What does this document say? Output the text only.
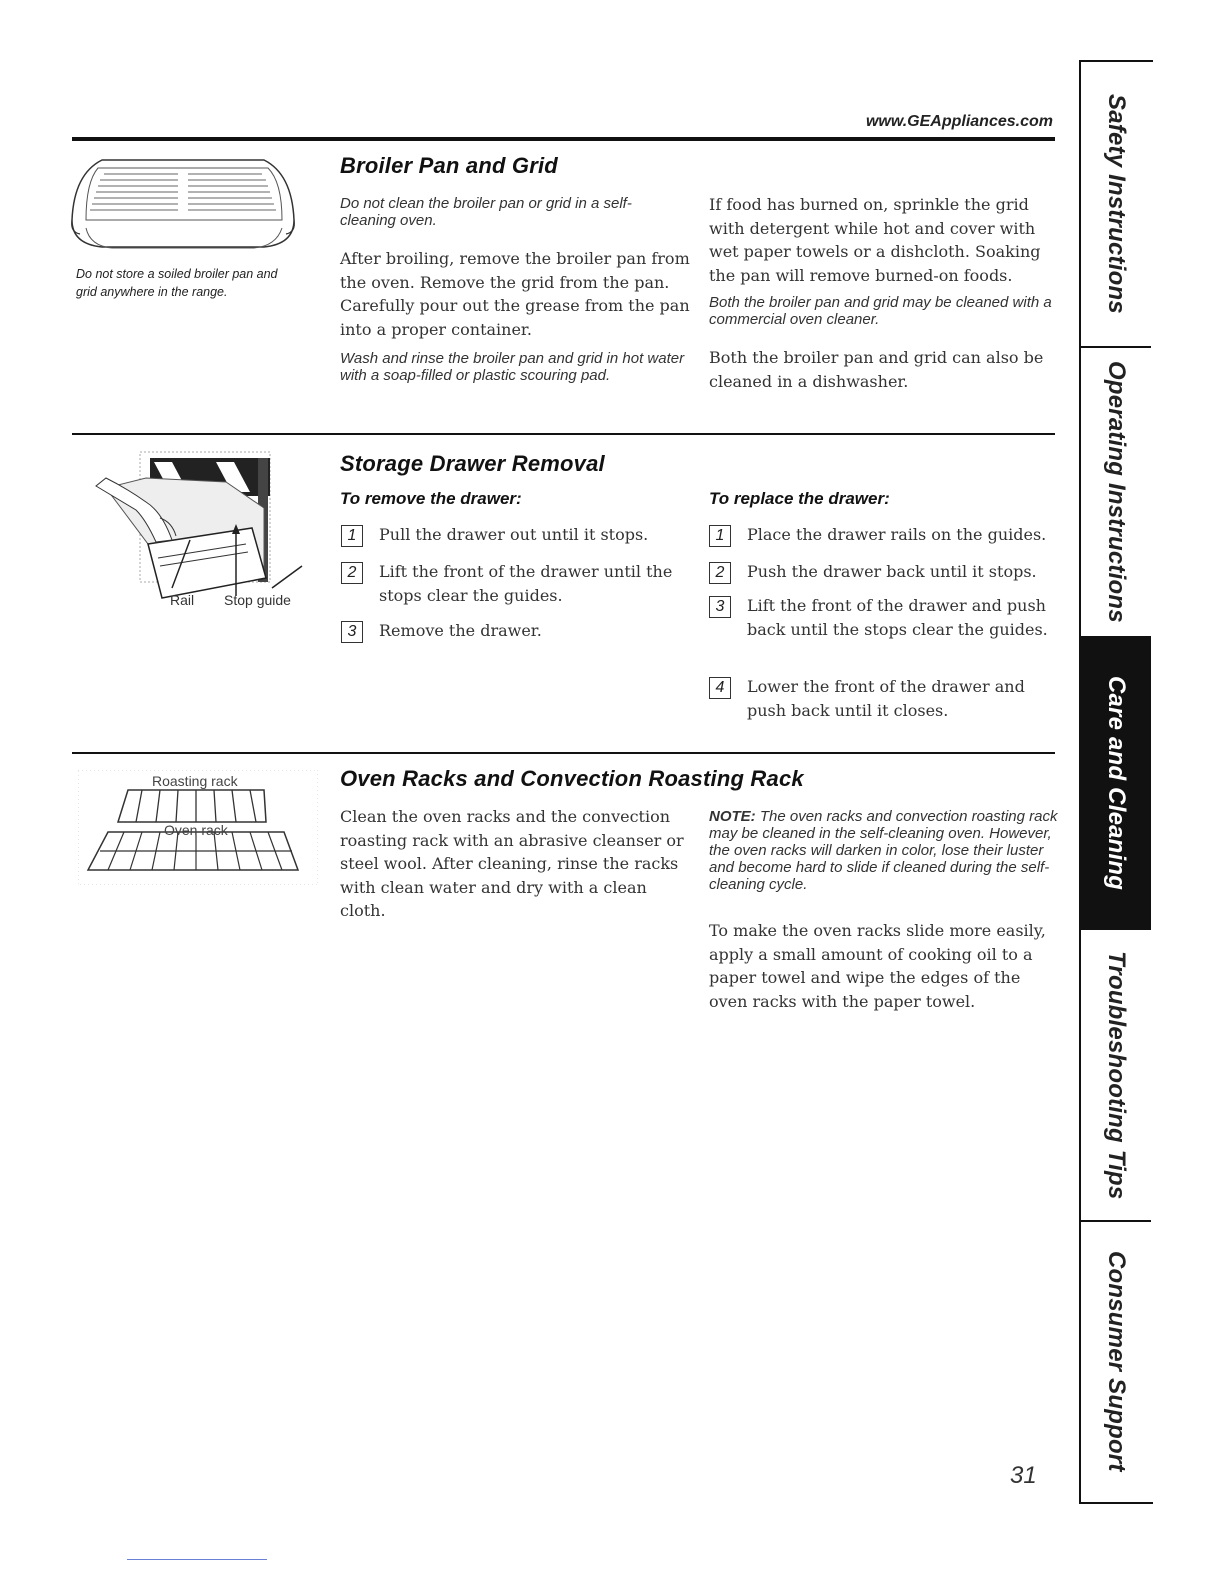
www.GEAppliances.com
Do not store a soiled broiler pan and grid anywhere in the range.
Broiler Pan and Grid
Do not clean the broiler pan or grid in a self-cleaning oven.
After broiling, remove the broiler pan from the oven. Remove the grid from the pan. Carefully pour out the grease from the pan into a proper container.
Wash and rinse the broiler pan and grid in hot water with a soap-filled or plastic scouring pad.
If food has burned on, sprinkle the grid with detergent while hot and cover with wet paper towels or a dishcloth. Soaking the pan will remove burned-on foods.
Both the broiler pan and grid may be cleaned with a commercial oven cleaner.
Both the broiler pan and grid can also be cleaned in a dishwasher.
Rail Stop guide
Storage Drawer Removal
To remove the drawer:
1	Pull the drawer out until it stops.
2	Lift the front of the drawer until the stops clear the guides.
3	Remove the drawer.
To replace the drawer:
1	Place the drawer rails on the guides.
2	Push the drawer back until it stops.
3	Lift the front of the drawer and push back until the stops clear the guides.
4	Lower the front of the drawer and push back until it closes.
Roasting rack
Oven rack
Oven Racks and Convection Roasting Rack
Clean the oven racks and the convection roasting rack with an abrasive cleanser or steel wool. After cleaning, rinse the racks with clean water and dry with a clean cloth.
NOTE: The oven racks and convection roasting rack may be cleaned in the self-cleaning oven. However, the oven racks will darken in color, lose their luster and become hard to slide if cleaned during the self-cleaning cycle.
To make the oven racks slide more easily, apply a small amount of cooking oil to a paper towel and wipe the edges of the oven racks with the paper towel.
Safety Instructions
Operating Instructions
Care and Cleaning
Troubleshooting Tips
Consumer Support
31
